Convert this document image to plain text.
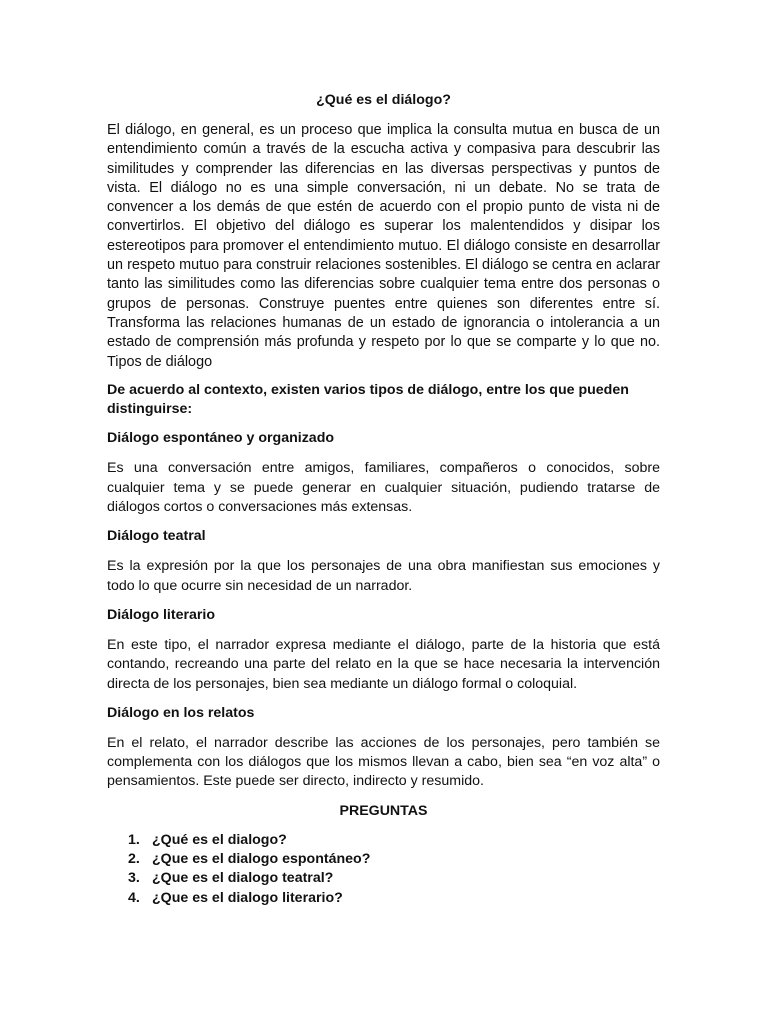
¿Qué es el diálogo?

El diálogo, en general, es un proceso que implica la consulta mutua en busca de un entendimiento común a través de la escucha activa y compasiva para descubrir las similitudes y comprender las diferencias en las diversas perspectivas y puntos de vista. El diálogo no es una simple conversación, ni un debate. No se trata de convencer a los demás de que estén de acuerdo con el propio punto de vista ni de convertirlos. El objetivo del diálogo es superar los malentendidos y disipar los estereotipos para promover el entendimiento mutuo. El diálogo consiste en desarrollar un respeto mutuo para construir relaciones sostenibles. El diálogo se centra en aclarar tanto las similitudes como las diferencias sobre cualquier tema entre dos personas o grupos de personas. Construye puentes entre quienes son diferentes entre sí. Transforma las relaciones humanas de un estado de ignorancia o intolerancia a un estado de comprensión más profunda y respeto por lo que se comparte y lo que no. Tipos de diálogo

De acuerdo al contexto, existen varios tipos de diálogo, entre los que pueden distinguirse:

Diálogo espontáneo y organizado

Es una conversación entre amigos, familiares, compañeros o conocidos, sobre cualquier tema y se puede generar en cualquier situación, pudiendo tratarse de diálogos cortos o conversaciones más extensas.

Diálogo teatral

Es la expresión por la que los personajes de una obra manifiestan sus emociones y todo lo que ocurre sin necesidad de un narrador.

Diálogo literario

En este tipo, el narrador expresa mediante el diálogo, parte de la historia que está contando, recreando una parte del relato en la que se hace necesaria la intervención directa de los personajes, bien sea mediante un diálogo formal o coloquial.

Diálogo en los relatos

En el relato, el narrador describe las acciones de los personajes, pero también se complementa con los diálogos que los mismos llevan a cabo, bien sea “en voz alta” o pensamientos. Este puede ser directo, indirecto y resumido.

PREGUNTAS
1. ¿Qué es el dialogo?
2. ¿Que es el dialogo espontáneo?
3. ¿Que es el dialogo teatral?
4. ¿Que es el dialogo literario?
